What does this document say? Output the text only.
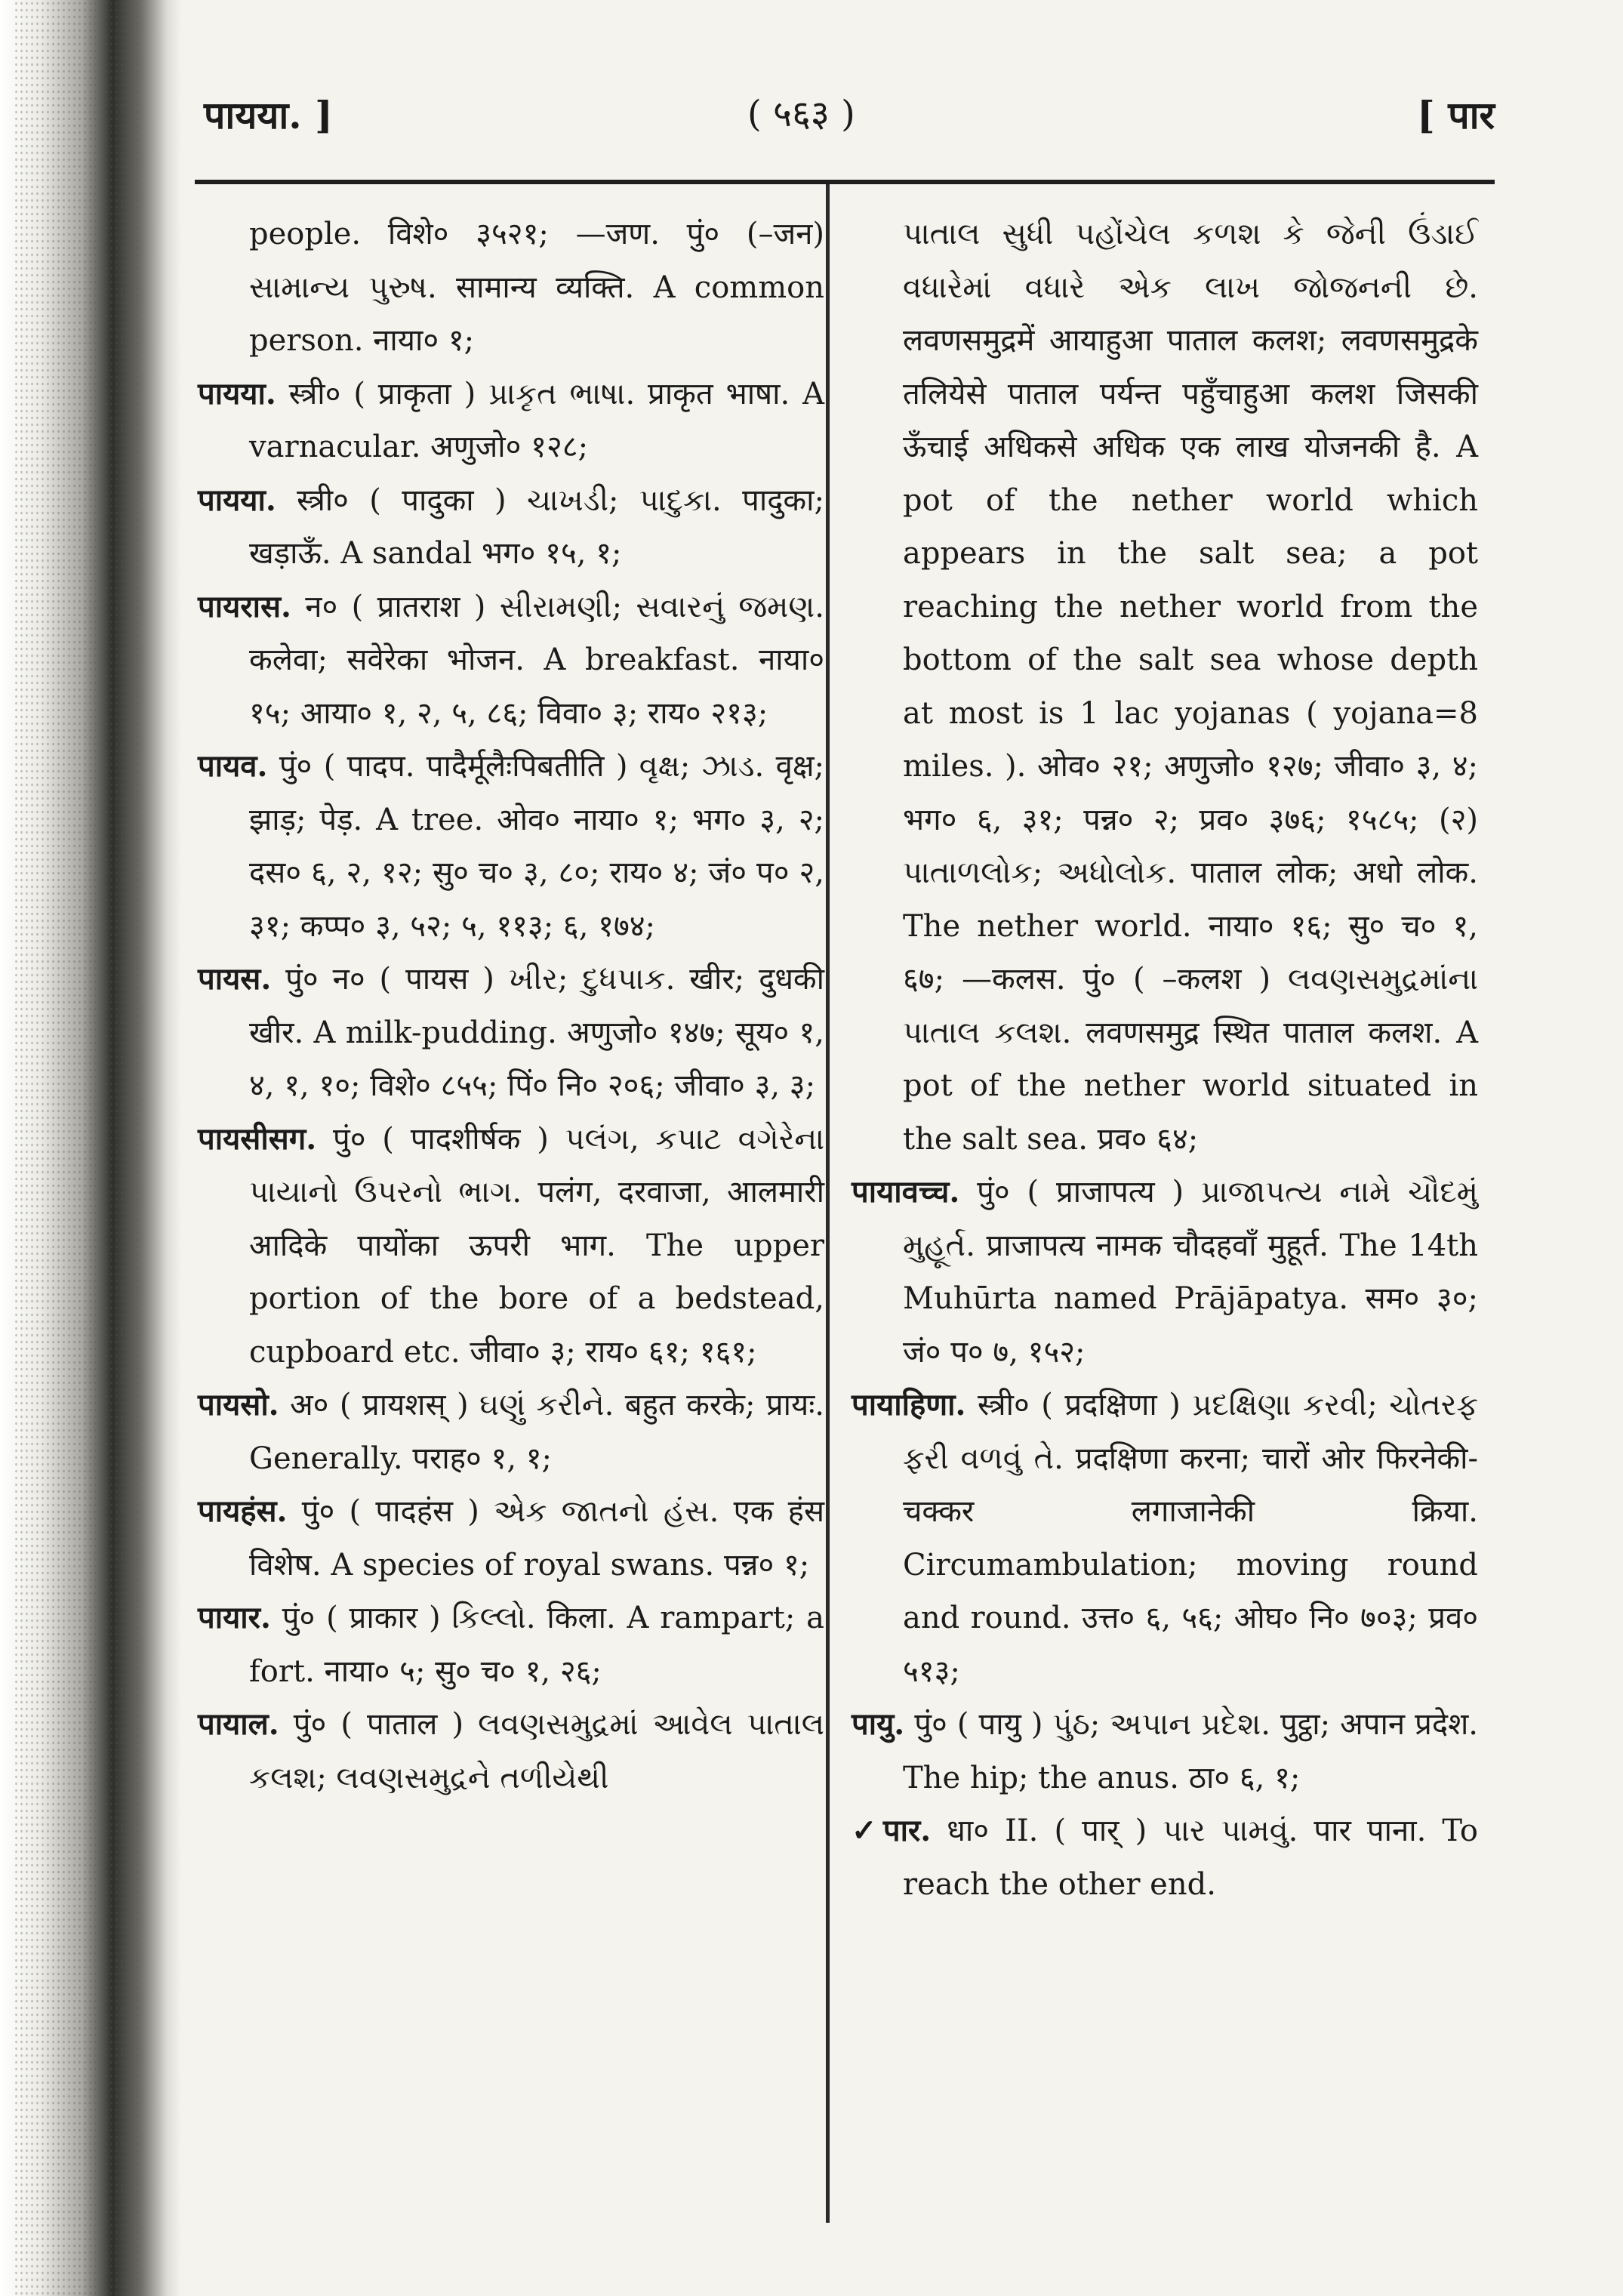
पायया. ]	( ५६३ )	[ पार

people. विशे० ३५२१; —जण. पुं० (–जन) સામાન્ય પુરુષ. सामान्य व्यक्ति. A common person. नाया० १;

पायया. स्त्री० ( प्राकृता ) પ્રાકૃત ભાષા. प्राकृत भाषा. A varnacular. अणुजो० १२८;

पायया. स्त्री० ( पादुका ) ચાખડી; પાદુકા. पादुका; खड़ाऊँ. A sandal भग० १५, १;

पायरास. न० ( प्रातराश ) સીરામણી; સવારનું જમણ. कलेवा; सवेरेका भोजन. A breakfast. नाया० १५; आया० १, २, ५, ८६; विवा० ३; राय० २१३;

पायव. पुं० ( पादप. पादैर्मूलैःपिबतीति ) વૃક્ષ; ઝાડ. वृक्ष; झाड़; पेड़. A tree. ओव० नाया० १; भग० ३, २; दस० ६, २, १२; सु० च० ३, ८०; राय० ४; जं० प० २, ३१; कप्प० ३, ५२; ५, ११३; ६, १७४;

पायस. पुं० न० ( पायस ) ખીર; દુધપાક. खीर; दुधकी खीर. A milk-pudding. अणुजो० १४७; सूय० १, ४, १, १०; विशे० ८५५; पिं० नि० २०६; जीवा० ३, ३;

पायसीसग. पुं० ( पादशीर्षक ) પલંગ, કપાટ વગેરેના પાયાનો ઉપરનો ભાગ. पलंग, दरवाजा, आलमारी आदिके पायोंका ऊपरी भाग. The upper portion of the bore of a bedstead, cupboard etc. जीवा० ३; राय० ६१; १६१;

पायसो. अ० ( प्रायशस् ) ઘણું કરીને. बहुत करके; प्रायः. Generally. पराह० १, १;

पायहंस. पुं० ( पादहंस ) એક જાતનો હંસ. एक हंस विशेष. A species of royal swans. पन्न० १;

पायार. पुं० ( प्राकार ) કિલ્લો. किला. A rampart; a fort. नाया० ५; सु० च० १, २६;

पायाल. पुं० ( पाताल ) લવણસમુદ્રમાં આવેલ પાતાલ કલશ; લવણસમુદ્રને તળીયેથી

પાતાલ સુધી પહોંચેલ કળશ કે જેની ઉંડાઈ વધારેમાં વધારે એક લાખ જોજનની છે. लवणसमुद्रमें आयाहुआ पाताल कलश; लवणसमुद्रके तलियेसे पाताल पर्यन्त पहुँचाहुआ कलश जिसकी ऊँचाई अधिकसे अधिक एक लाख योजनकी है. A pot of the nether world which appears in the salt sea; a pot reaching the nether world from the bottom of the salt sea whose depth at most is 1 lac yojanas ( yojana=8 miles. ). ओव० २१; अणुजो० १२७; जीवा० ३, ४; भग० ६, ३१; पन्न० २; प्रव० ३७६; १५८५; (२) પાતાળલોક; અધોલોક. पाताल लोक; अधो लोक. The nether world. नाया० १६; सु० च० १, ६७; —कलस. पुं० ( –कलश ) લવણસમુદ્રમાંના પાતાલ કલશ. लवणसमुद्र स्थित पाताल कलश. A pot of the nether world situated in the salt sea. प्रव० ६४;

पायावच्च. पुं० ( प्राजापत्य ) પ્રાજાપત્ય નામે ચૌદમું મુહૂર્ત. प्राजापत्य नामक चौदहवाँ मुहूर्त. The 14th Muhūrta named Prājāpatya. सम० ३०; जं० प० ७, १५२;

पायाहिणा. स्त्री० ( प्रदक्षिणा ) પ્રદક્ષિણા કરવી; ચોતરફ ફરી વળવું તે. प्रदक्षिणा करना; चारों ओर फिरनेकी-चक्कर लगाजानेकी क्रिया. Circumambulation; moving round and round. उत्त० ६, ५६; ओघ० नि० ७०३; प्रव० ५१३;

पायु. पुं० ( पायु ) પુંઠ; અપાન પ્રદેશ. पुट्ठा; अपान प्रदेश. The hip; the anus. ठा० ६, १;

✓पार. धा० II. ( पार् ) પાર પામવું. पार पाना. To reach the other end.
